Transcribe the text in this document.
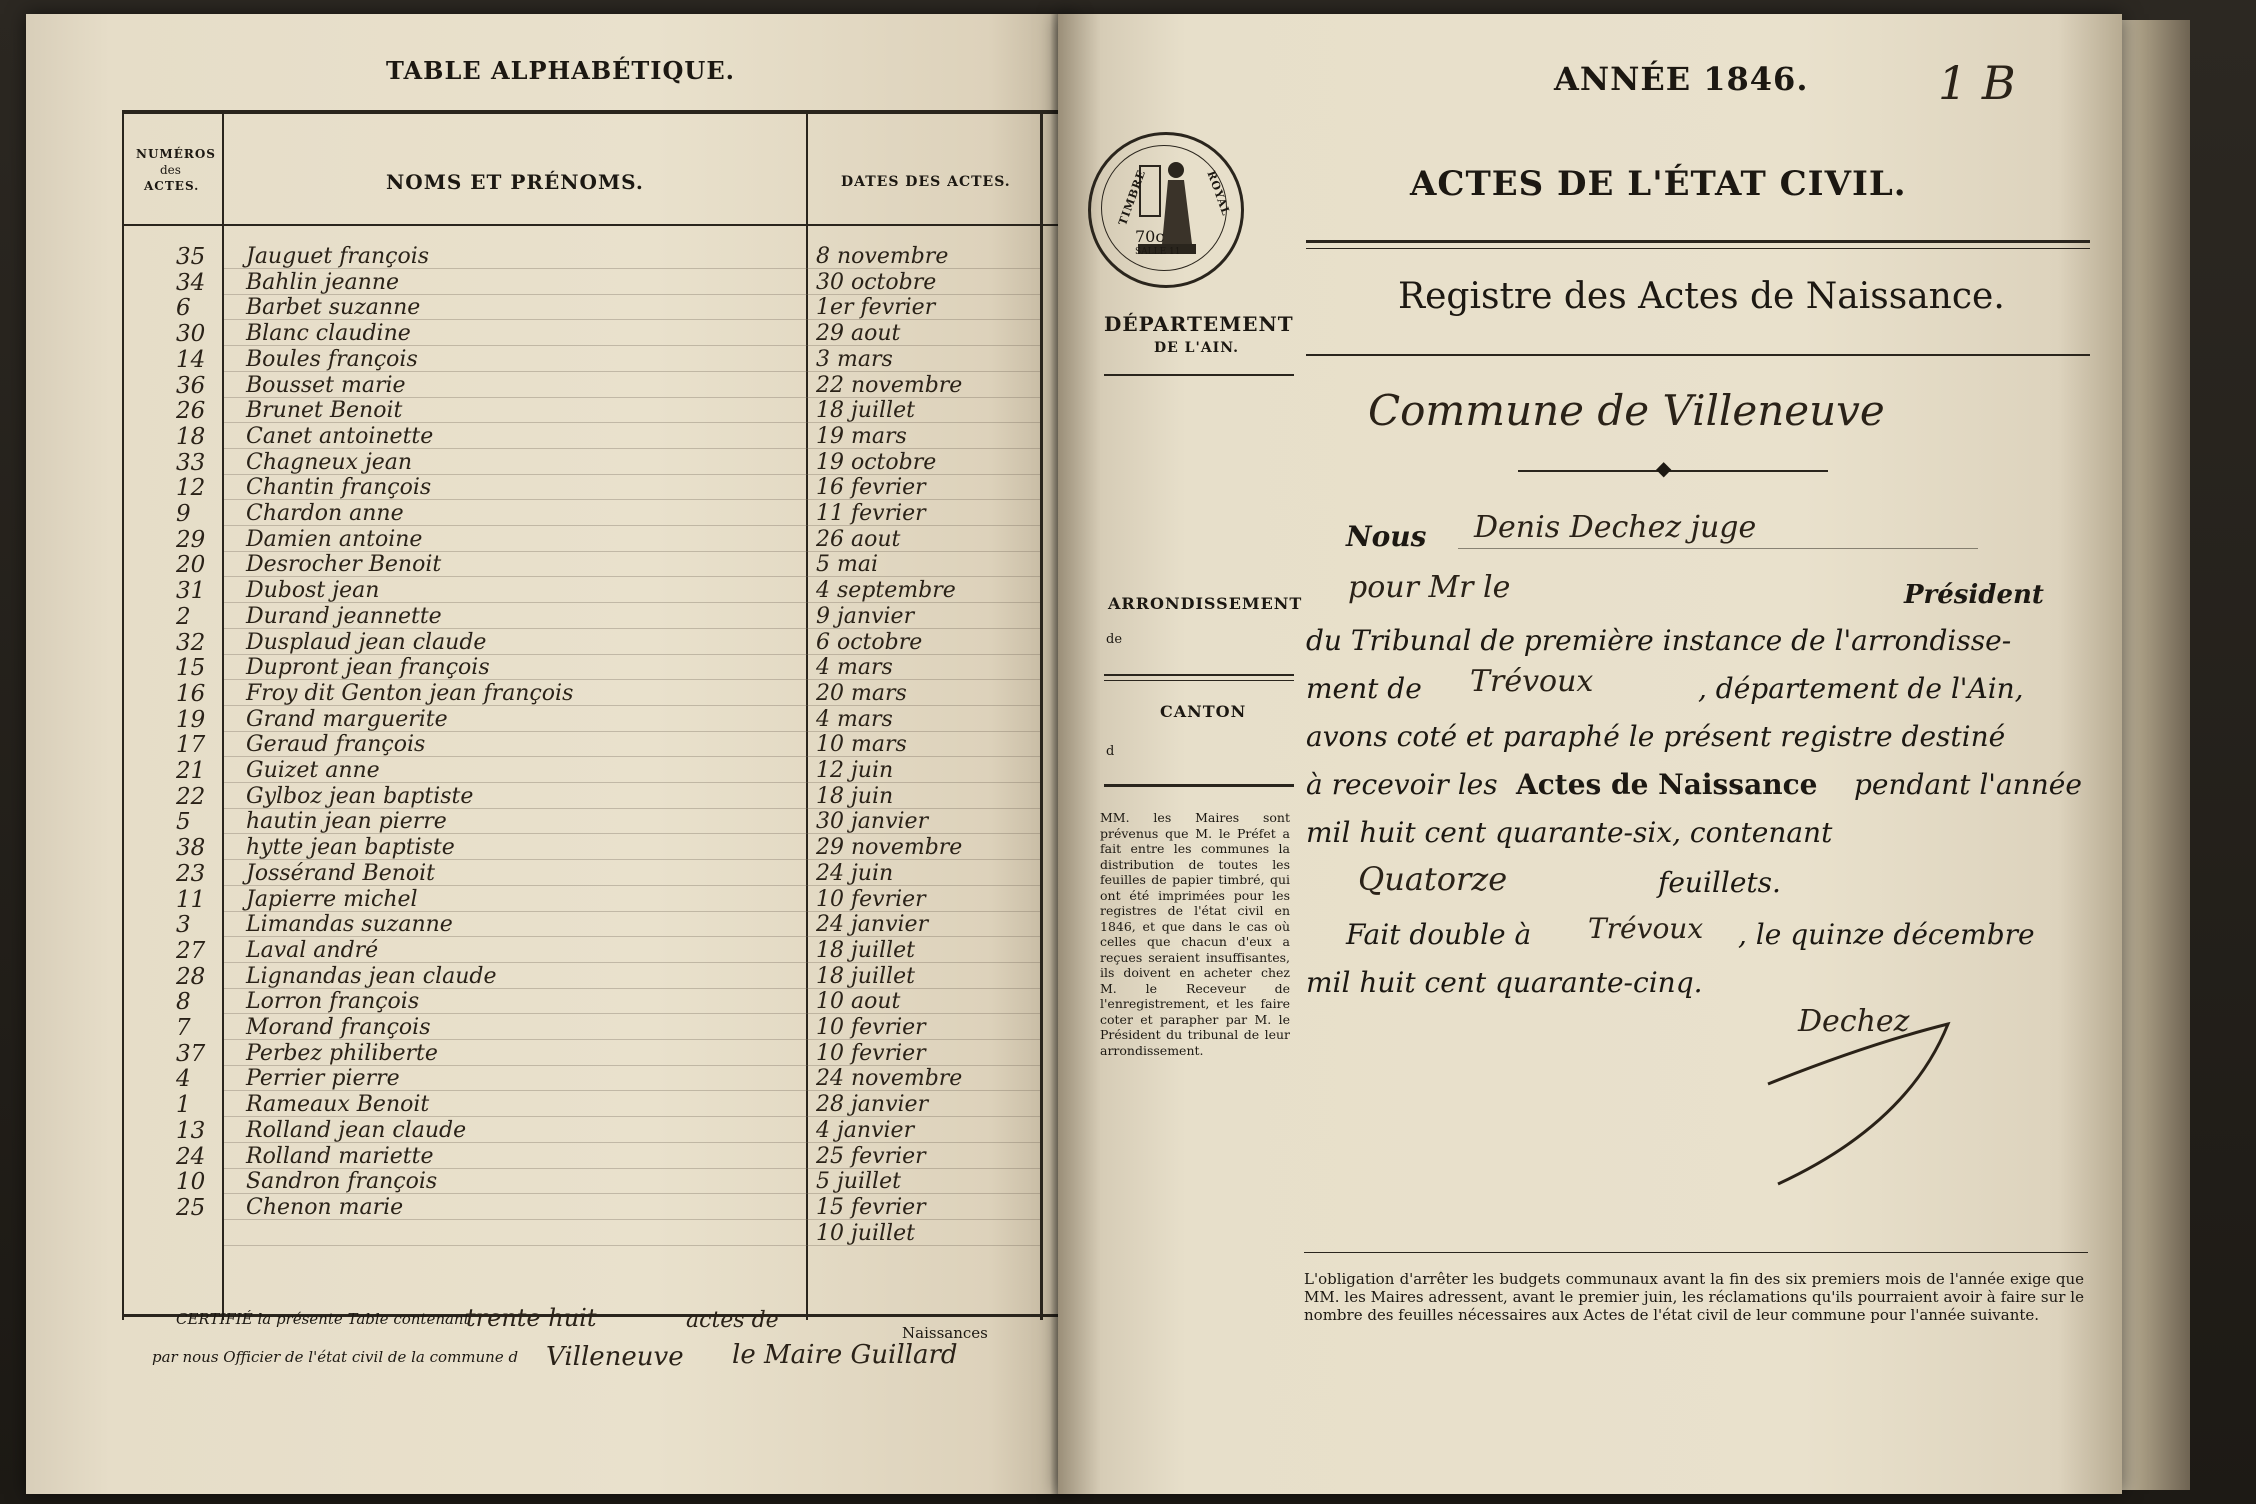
TABLE ALPHABÉTIQUE.
NUMÉROS
des
ACTES.	NOMS ET PRÉNOMS.	DATES DES ACTES.
35 Jauguet françois	8 novembre
34 Bahlin jeanne	30 octobre
6	Barbet suzanne	1er fevrier
30 Blanc claudine	29 aout
14 Boules françois	3 mars
36 Bousset marie	22 novembre
26 Brunet Benoit	18 juillet
18 Canet antoinette	19 mars
33 Chagneux jean	19 octobre
12 Chantin françois	16 fevrier
9	Chardon anne	11 fevrier
29 Damien antoine	26 aout
20 Desrocher Benoit	5 mai
31 Dubost jean	4 septembre
2	Durand jeannette	9 janvier
32 Dusplaud jean claude	6 octobre
15 Dupront jean françois	4 mars
16 Froy dit Genton jean françois	20 mars
19 Grand marguerite	4 mars
17 Geraud françois	10 mars
21 Guizet anne	12 juin
22 Gylboz jean baptiste	18 juin
5	hautin jean pierre	30 janvier
38 hytte jean baptiste	29 novembre
23 Jossérand Benoit	24 juin
11 Japierre michel	10 fevrier
3	Limandas suzanne	24 janvier
27 Laval andré	18 juillet
28 Lignandas jean claude	18 juillet
8	Lorron françois	10 aout
7	Morand françois	10 fevrier
37 Perbez philiberte	10 fevrier
4	Perrier pierre	24 novembre
1	Rameaux Benoit	28 janvier
13 Rolland jean claude	4 janvier
24 Rolland mariette	25 fevrier
10 Sandron françois	5 juillet
25 Chenon marie	15 fevrier
10 juillet
CERTIFIÉ la présente Table contenant
trente huit	actes de	Naissances
par nous Officier de l'état civil de la commune d Villeneuve le Maire Guillard
ANNÉE 1846.	1 B
ACTES DE L'ÉTAT CIVIL.
Registre des Actes de Naissance.
Commune de Villeneuve
◆
TIMBRE	ROYAL
70c
SALLE 11
DÉPARTEMENT
DE L'AIN.
ARRONDISSEMENT
de
CANTON
d
MM. les Maires sont prévenus que M. le Préfet a fait entre les communes la distribution de toutes les feuilles de papier timbré, qui ont été imprimées pour les registres de l'état civil en 1846, et que dans le cas où celles que chacun d'eux a reçues seraient insuffisantes, ils doivent en acheter chez M. le Receveur de l'enregistrement, et les faire coter et parapher par M. le Président du tribunal de leur arrondissement.
Nous Denis Dechez juge
pour Mr le	Président
du Tribunal de première instance de l'arrondisse-
ment de Trévoux	, département de l'Ain,
avons coté et paraphé le présent registre destiné
à recevoir les Actes de Naissance pendant l'année
mil huit cent quarante-six, contenant
Quatorze	feuillets.
Fait double à Trévoux , le quinze décembre
mil huit cent quarante-cinq.
Dechez
L'obligation d'arrêter les budgets communaux avant la fin des six premiers mois de l'année exige que MM. les Maires adressent, avant le premier juin, les réclamations qu'ils pourraient avoir à faire sur le nombre des feuilles nécessaires aux Actes de l'état civil de leur commune pour l'année suivante.
